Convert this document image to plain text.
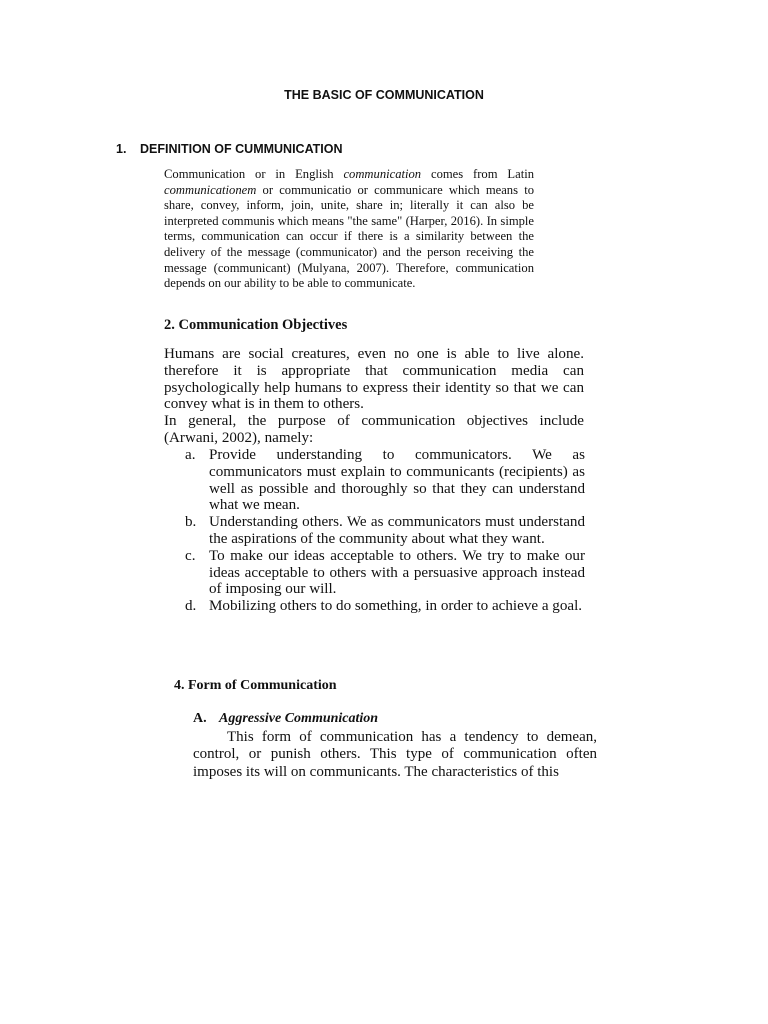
THE BASIC OF COMMUNICATION
1. DEFINITION OF CUMMUNICATION

Communication or in English communication comes from Latin communicationem or communicatio or communicare which means to share, convey, inform, join, unite, share in; literally it can also be interpreted communis which means "the same" (Harper, 2016). In simple terms, communication can occur if there is a similarity between the delivery of the message (communicator) and the person receiving the message (communicant) (Mulyana, 2007). Therefore, communication depends on our ability to be able to communicate.

2. Communication Objectives

Humans are social creatures, even no one is able to live alone. therefore it is appropriate that communication media can psychologically help humans to express their identity so that we can convey what is in them to others.

In general, the purpose of communication objectives include (Arwani, 2002), namely:

a. Provide understanding to communicators. We as communicators must explain to communicants (recipients) as well as possible and thoroughly so that they can understand what we mean.
b. Understanding others. We as communicators must understand the aspirations of the community about what they want.
c. To make our ideas acceptable to others. We try to make our ideas acceptable to others with a persuasive approach instead of imposing our will.
d. Mobilizing others to do something, in order to achieve a goal.
4. Form of Communication
A. Aggressive Communication

This form of communication has a tendency to demean, control, or punish others. This type of communication often imposes its will on communicants. The characteristics of this
